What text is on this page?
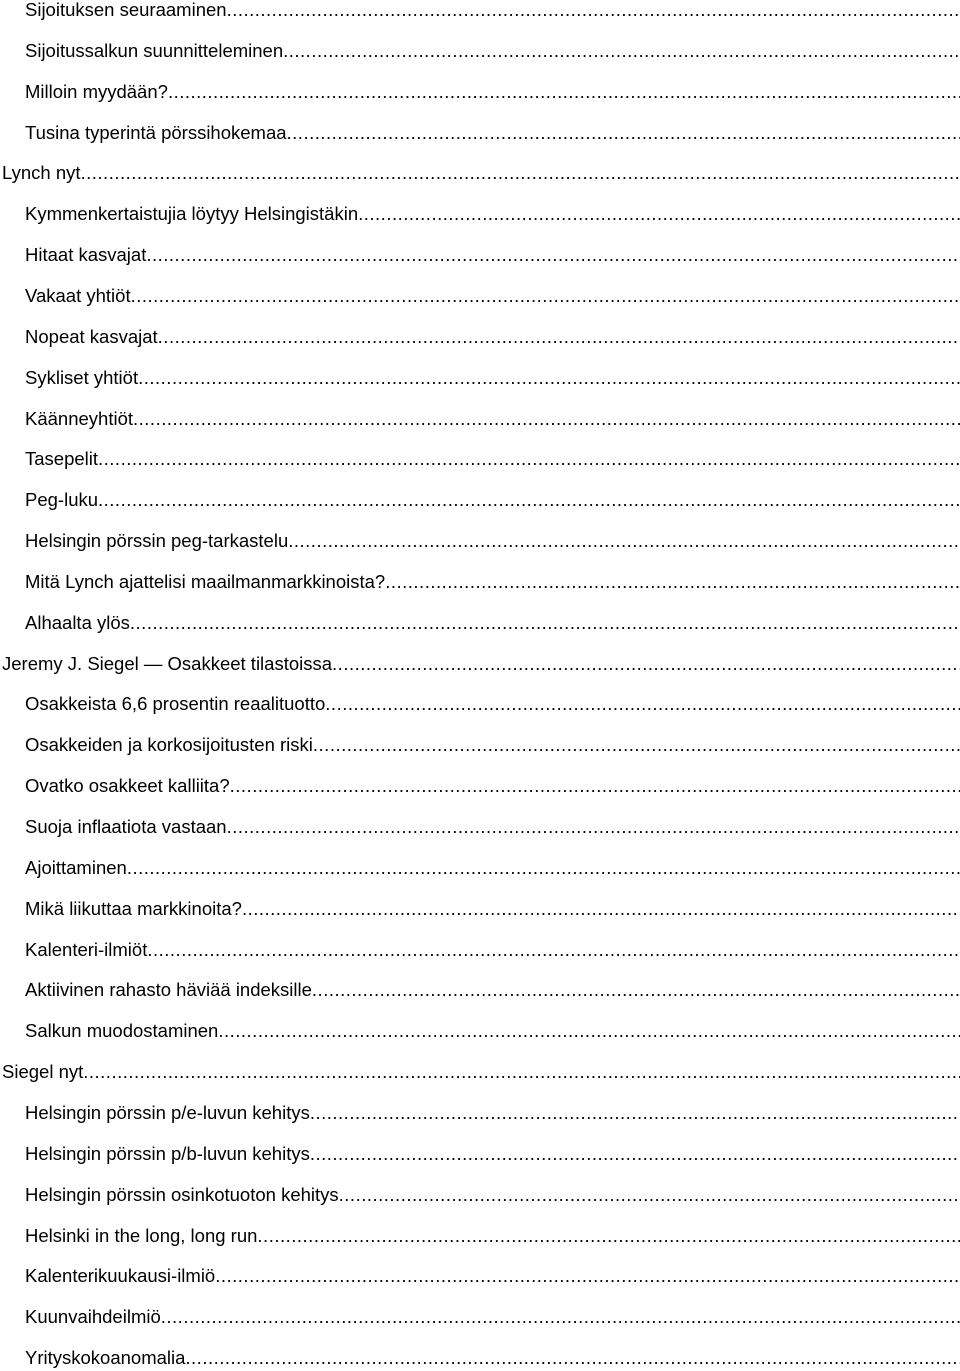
Sijoituksen seuraaminen
.....
Sijoitussalkun suunnitteleminen
.....
Milloin myydään?
.....
Tusina typerintä pörssihokemaa
.....
Lynch nyt
.....
Kymmenkertaistujia löytyy Helsingistäkin
.....
Hitaat kasvajat
.....
Vakaat yhtiöt
.....
Nopeat kasvajat
.....
Sykliset yhtiöt
.....
Käänneyhtiöt
.....
Tasepelit
.....
Peg-luku
.....
Helsingin pörssin peg-tarkastelu
.....
Mitä Lynch ajattelisi maailmanmarkkinoista?
.....
Alhaalta ylös
.....
Jeremy J. Siegel — Osakkeet tilastoissa
.....
Osakkeista 6,6 prosentin reaalituotto
.....
Osakkeiden ja korkosijoitusten riski
.....
Ovatko osakkeet kalliita?
.....
Suoja inflaatiota vastaan
.....
Ajoittaminen
.....
Mikä liikuttaa markkinoita?
.....
Kalenteri-ilmiöt
.....
Aktiivinen rahasto häviää indeksille
.....
Salkun muodostaminen
.....
Siegel nyt
.....
Helsingin pörssin p/e-luvun kehitys
.....
Helsingin pörssin p/b-luvun kehitys
.....
Helsingin pörssin osinkotuoton kehitys
.....
Helsinki in the long, long run
.....
Kalenterikuukausi-ilmiö
.....
Kuunvaihdeilmiö
.....
Yrityskokoanomalia
.....
